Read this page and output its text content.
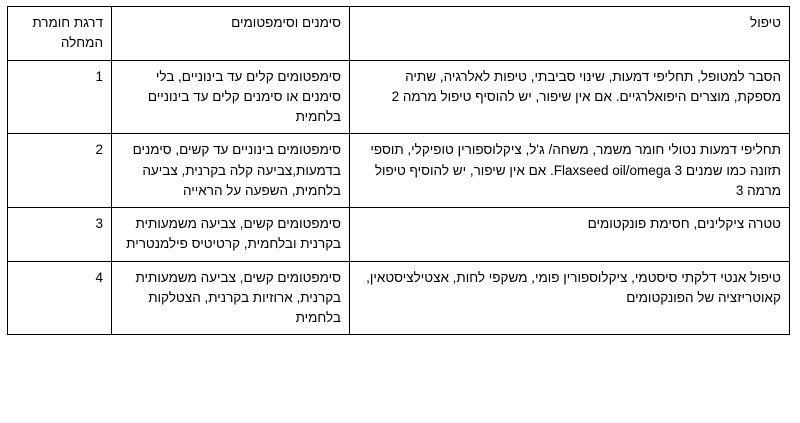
טיפול	סימנים וסימפטומים	דרגת חומרת המחלה
הסבר למטופל, תחליפי דמעות, שינוי סביבתי, טיפות לאלרגיה, שתיה מספקת, מוצרים היפואלרגיים. אם אין שיפור, יש להוסיף טיפול מרמה 2	סימפטומים קלים עד בינוניים, בלי סימנים או סימנים קלים עד בינוניים בלחמית	1
תחליפי דמעות נטולי חומר משמר, משחה/ ג'ל, ציקלוספורין טופיקלי, תוספי תזונה כמו שמנים Flaxseed oil/omega 3. אם אין שיפור, יש להוסיף טיפול מרמה 3	סימפטומים בינוניים עד קשים, סימנים בדמעות,צביעה קלה בקרנית, צביעה בלחמית, השפעה על הראייה	2
טטרה ציקלינים, חסימת פונקטומים	סימפטומים קשים, צביעה משמעותית בקרנית ובלחמית, קרטיטיס פילמנטרית	3
טיפול אנטי דלקתי סיסטמי, ציקלוספורין פומי, משקפי לחות, אצטילציסטאין, קאוטריזציה של הפונקטומים	סימפטומים קשים, צביעה משמעותית בקרנית, ארוזיות בקרנית, הצטלקות בלחמית	4
